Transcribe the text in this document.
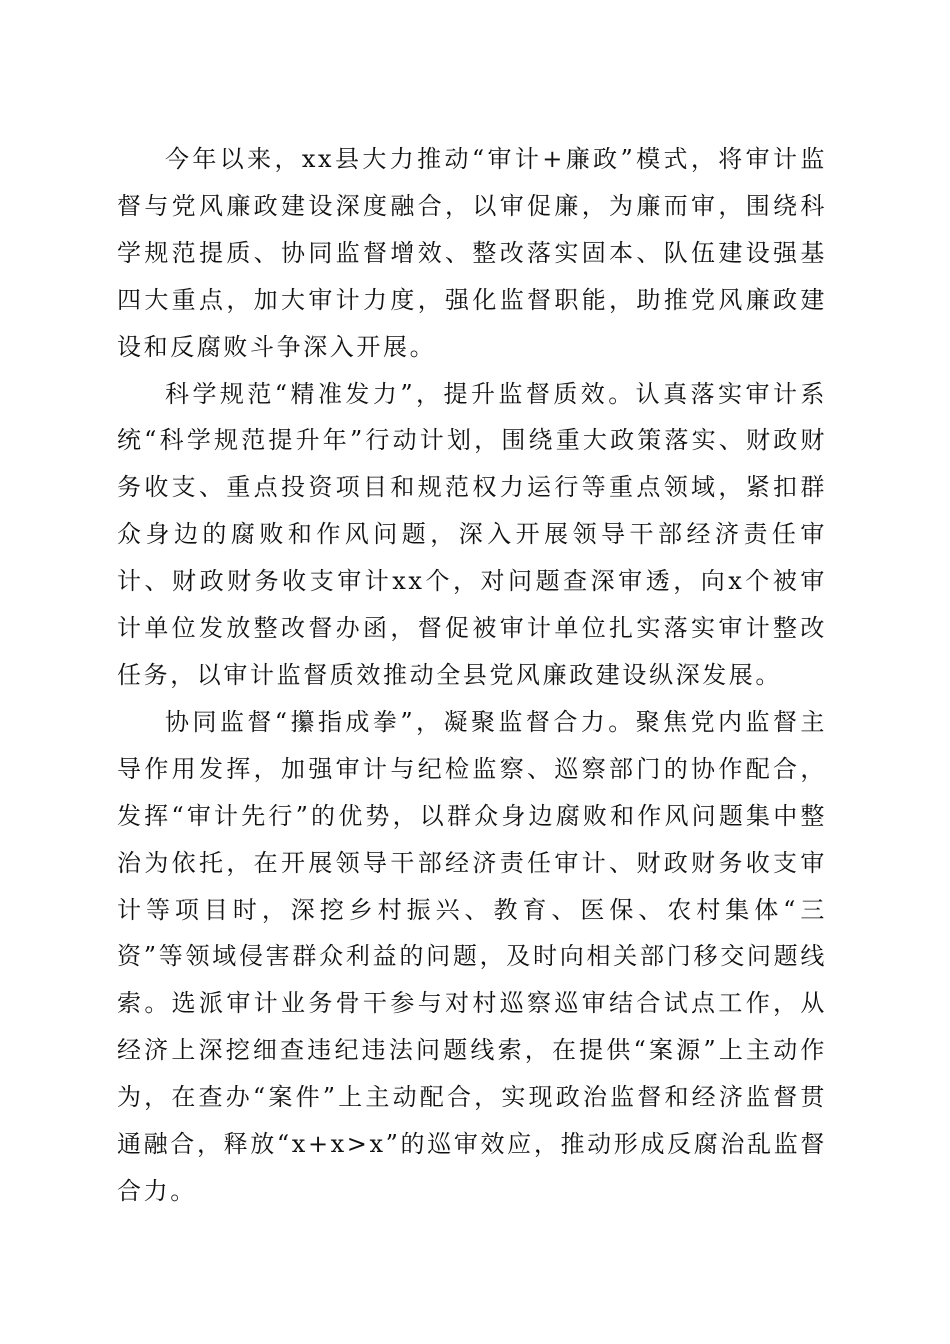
今年以来，xx县大力推动“审计+廉政”模式，将审计监督与党风廉政建设深度融合，以审促廉，为廉而审，围绕科学规范提质、协同监督增效、整改落实固本、队伍建设强基四大重点，加大审计力度，强化监督职能，助推党风廉政建设和反腐败斗争深入开展。

科学规范“精准发力”，提升监督质效。认真落实审计系统“科学规范提升年”行动计划，围绕重大政策落实、财政财务收支、重点投资项目和规范权力运行等重点领域，紧扣群众身边的腐败和作风问题，深入开展领导干部经济责任审计、财政财务收支审计xx个，对问题查深审透，向x个被审计单位发放整改督办函，督促被审计单位扎实落实审计整改任务，以审计监督质效推动全县党风廉政建设纵深发展。

协同监督“攥指成拳”，凝聚监督合力。聚焦党内监督主导作用发挥，加强审计与纪检监察、巡察部门的协作配合，发挥“审计先行”的优势，以群众身边腐败和作风问题集中整治为依托，在开展领导干部经济责任审计、财政财务收支审计等项目时，深挖乡村振兴、教育、医保、农村集体“三资”等领域侵害群众利益的问题，及时向相关部门移交问题线索。选派审计业务骨干参与对村巡察巡审结合试点工作，从经济上深挖细查违纪违法问题线索，在提供“案源”上主动作为，在查办“案件”上主动配合，实现政治监督和经济监督贯通融合，释放“x+x>x”的巡审效应，推动形成反腐治乱监督合力。
